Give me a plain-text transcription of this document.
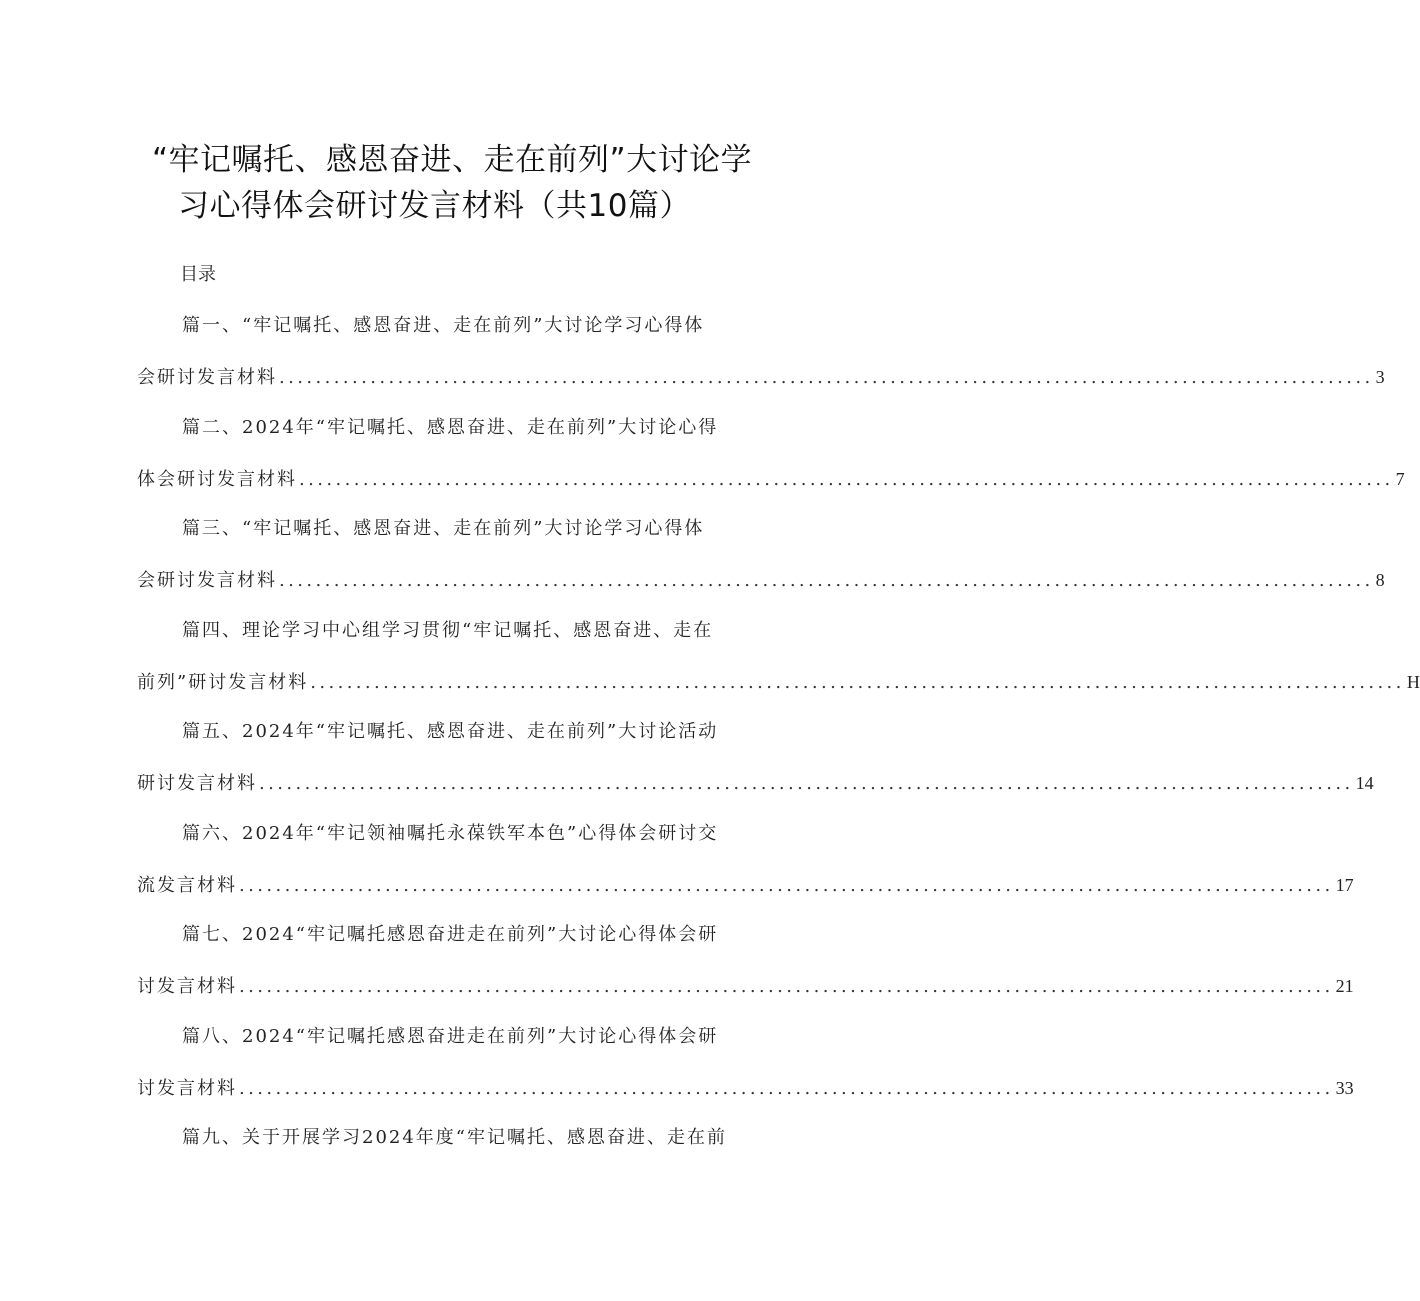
“牢记嘱托、感恩奋进、走在前列”大讨论学
习心得体会研讨发言材料（共10篇）
目录
篇一、“牢记嘱托、感恩奋进、走在前列”大讨论学习心得体
会研讨发言材料 ........................................................................................................................ 3
篇二、2024年“牢记嘱托、感恩奋进、走在前列”大讨论心得
体会研讨发言材料 ........................................................................................................................ 7
篇三、“牢记嘱托、感恩奋进、走在前列”大讨论学习心得体
会研讨发言材料 ........................................................................................................................ 8
篇四、理论学习中心组学习贯彻“牢记嘱托、感恩奋进、走在
前列”研讨发言材料 ........................................................................................................................ H
篇五、2024年“牢记嘱托、感恩奋进、走在前列”大讨论活动
研讨发言材料 ........................................................................................................................ 14
篇六、2024年“牢记领袖嘱托永葆铁军本色”心得体会研讨交
流发言材料 ........................................................................................................................ 17
篇七、2024“牢记嘱托感恩奋进走在前列”大讨论心得体会研
讨发言材料 ........................................................................................................................ 21
篇八、2024“牢记嘱托感恩奋进走在前列”大讨论心得体会研
讨发言材料 ........................................................................................................................ 33
篇九、关于开展学习2024年度“牢记嘱托、感恩奋进、走在前
